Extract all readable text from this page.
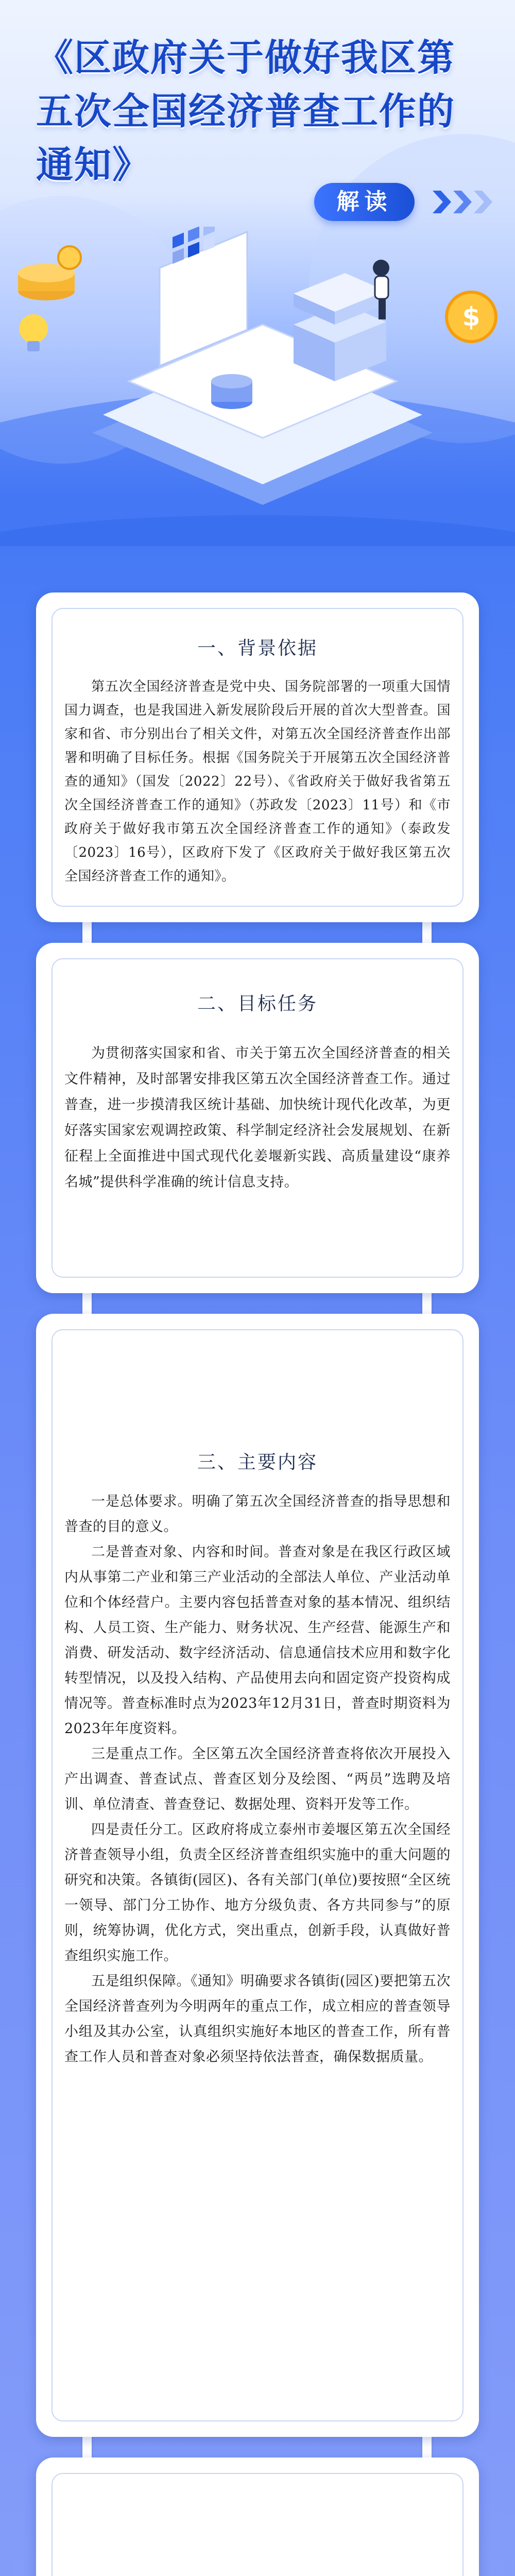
《区政府关于做好我区第五次全国经济普查工作的通知》
解读
$
一、背景依据
第五次全国经济普查是党中央、国务院部署的一项重大国情国力调查，也是我国进入新发展阶段后开展的首次大型普查。国家和省、市分别出台了相关文件，对第五次全国经济普查作出部署和明确了目标任务。根据《国务院关于开展第五次全国经济普查的通知》（国发〔2022〕22号）、《省政府关于做好我省第五次全国经济普查工作的通知》（苏政发〔2023〕11号）和《市政府关于做好我市第五次全国经济普查工作的通知》（泰政发〔2023〕16号），区政府下发了《区政府关于做好我区第五次全国经济普查工作的通知》。
二、目标任务
为贯彻落实国家和省、市关于第五次全国经济普查的相关文件精神，及时部署安排我区第五次全国经济普查工作。通过普查，进一步摸清我区统计基础、加快统计现代化改革，为更好落实国家宏观调控政策、科学制定经济社会发展规划、在新征程上全面推进中国式现代化姜堰新实践、高质量建设“康养名城”提供科学准确的统计信息支持。
三、主要内容

一是总体要求。明确了第五次全国经济普查的指导思想和普查的目的意义。

二是普查对象、内容和时间。普查对象是在我区行政区域内从事第二产业和第三产业活动的全部法人单位、产业活动单位和个体经营户。主要内容包括普查对象的基本情况、组织结构、人员工资、生产能力、财务状况、生产经营、能源生产和消费、研发活动、数字经济活动、信息通信技术应用和数字化转型情况，以及投入结构、产品使用去向和固定资产投资构成情况等。普查标准时点为2023年12月31日，普查时期资料为2023年年度资料。

三是重点工作。全区第五次全国经济普查将依次开展投入产出调查、普查试点、普查区划分及绘图、“两员”选聘及培训、单位清查、普查登记、数据处理、资料开发等工作。

四是责任分工。区政府将成立泰州市姜堰区第五次全国经济普查领导小组，负责全区经济普查组织实施中的重大问题的研究和决策。各镇街(园区)、各有关部门(单位)要按照“全区统一领导、部门分工协作、地方分级负责、各方共同参与”的原则，统筹协调，优化方式，突出重点，创新手段，认真做好普查组织实施工作。

五是组织保障。《通知》明确要求各镇街(园区)要把第五次全国经济普查列为今明两年的重点工作，成立相应的普查领导小组及其办公室，认真组织实施好本地区的普查工作，所有普查工作人员和普查对象必须坚持依法普查，确保数据质量。
